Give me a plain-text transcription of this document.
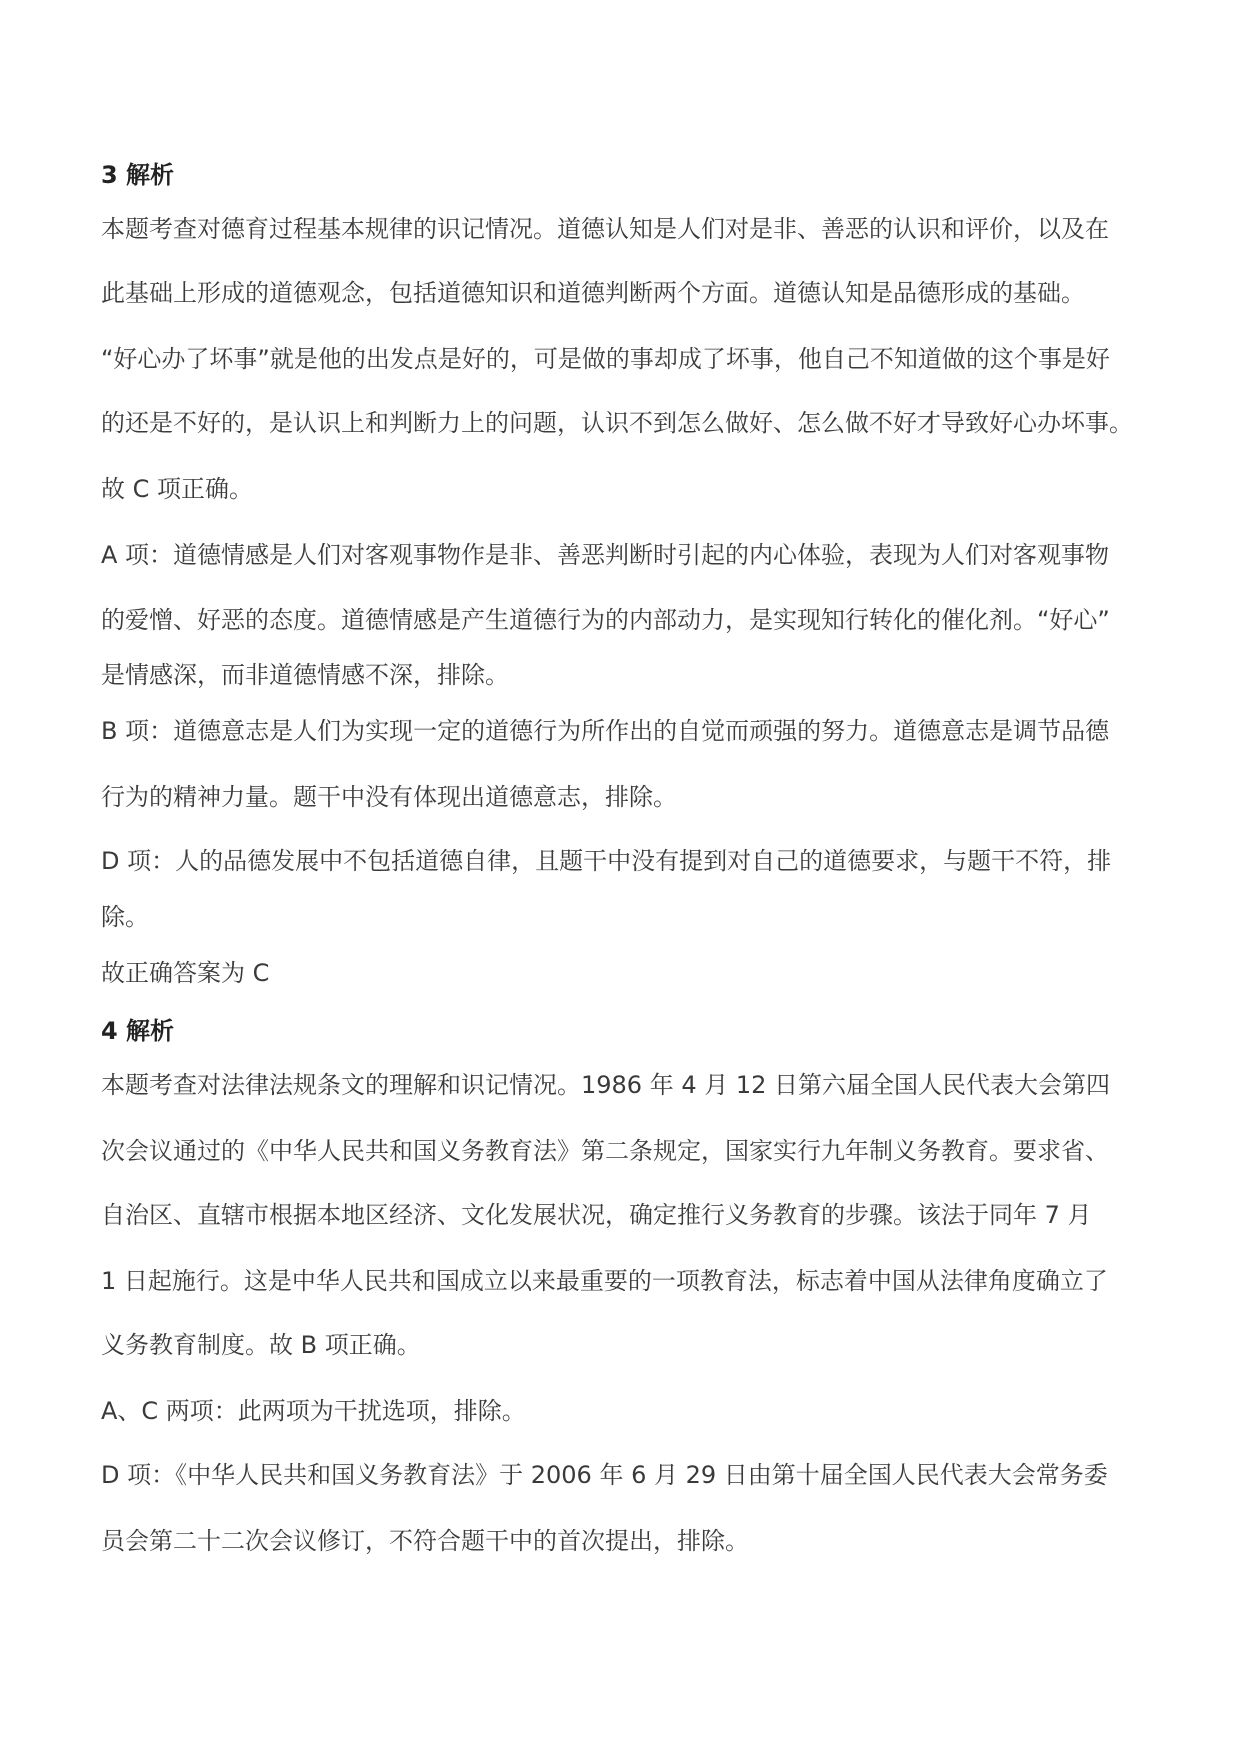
3 解析
本题考查对德育过程基本规律的识记情况。道德认知是人们对是非、善恶的认识和评价，以及在
此基础上形成的道德观念，包括道德知识和道德判断两个方面。道德认知是品德形成的基础。
“好心办了坏事”就是他的出发点是好的，可是做的事却成了坏事，他自己不知道做的这个事是好
的还是不好的，是认识上和判断力上的问题，认识不到怎么做好、怎么做不好才导致好心办坏事。
故 C 项正确。
A 项：道德情感是人们对客观事物作是非、善恶判断时引起的内心体验，表现为人们对客观事物
的爱憎、好恶的态度。道德情感是产生道德行为的内部动力，是实现知行转化的催化剂。“好心”
是情感深，而非道德情感不深，排除。
B 项：道德意志是人们为实现一定的道德行为所作出的自觉而顽强的努力。道德意志是调节品德
行为的精神力量。题干中没有体现出道德意志，排除。
D 项：人的品德发展中不包括道德自律，且题干中没有提到对自己的道德要求，与题干不符，排
除。
故正确答案为 C
4 解析
本题考查对法律法规条文的理解和识记情况。1986 年 4 月 12 日第六届全国人民代表大会第四
次会议通过的《中华人民共和国义务教育法》第二条规定，国家实行九年制义务教育。要求省、
自治区、直辖市根据本地区经济、文化发展状况，确定推行义务教育的步骤。该法于同年 7 月
1 日起施行。这是中华人民共和国成立以来最重要的一项教育法，标志着中国从法律角度确立了
义务教育制度。故 B 项正确。
A、C 两项：此两项为干扰选项，排除。
D 项：《中华人民共和国义务教育法》于 2006 年 6 月 29 日由第十届全国人民代表大会常务委
员会第二十二次会议修订，不符合题干中的首次提出，排除。
